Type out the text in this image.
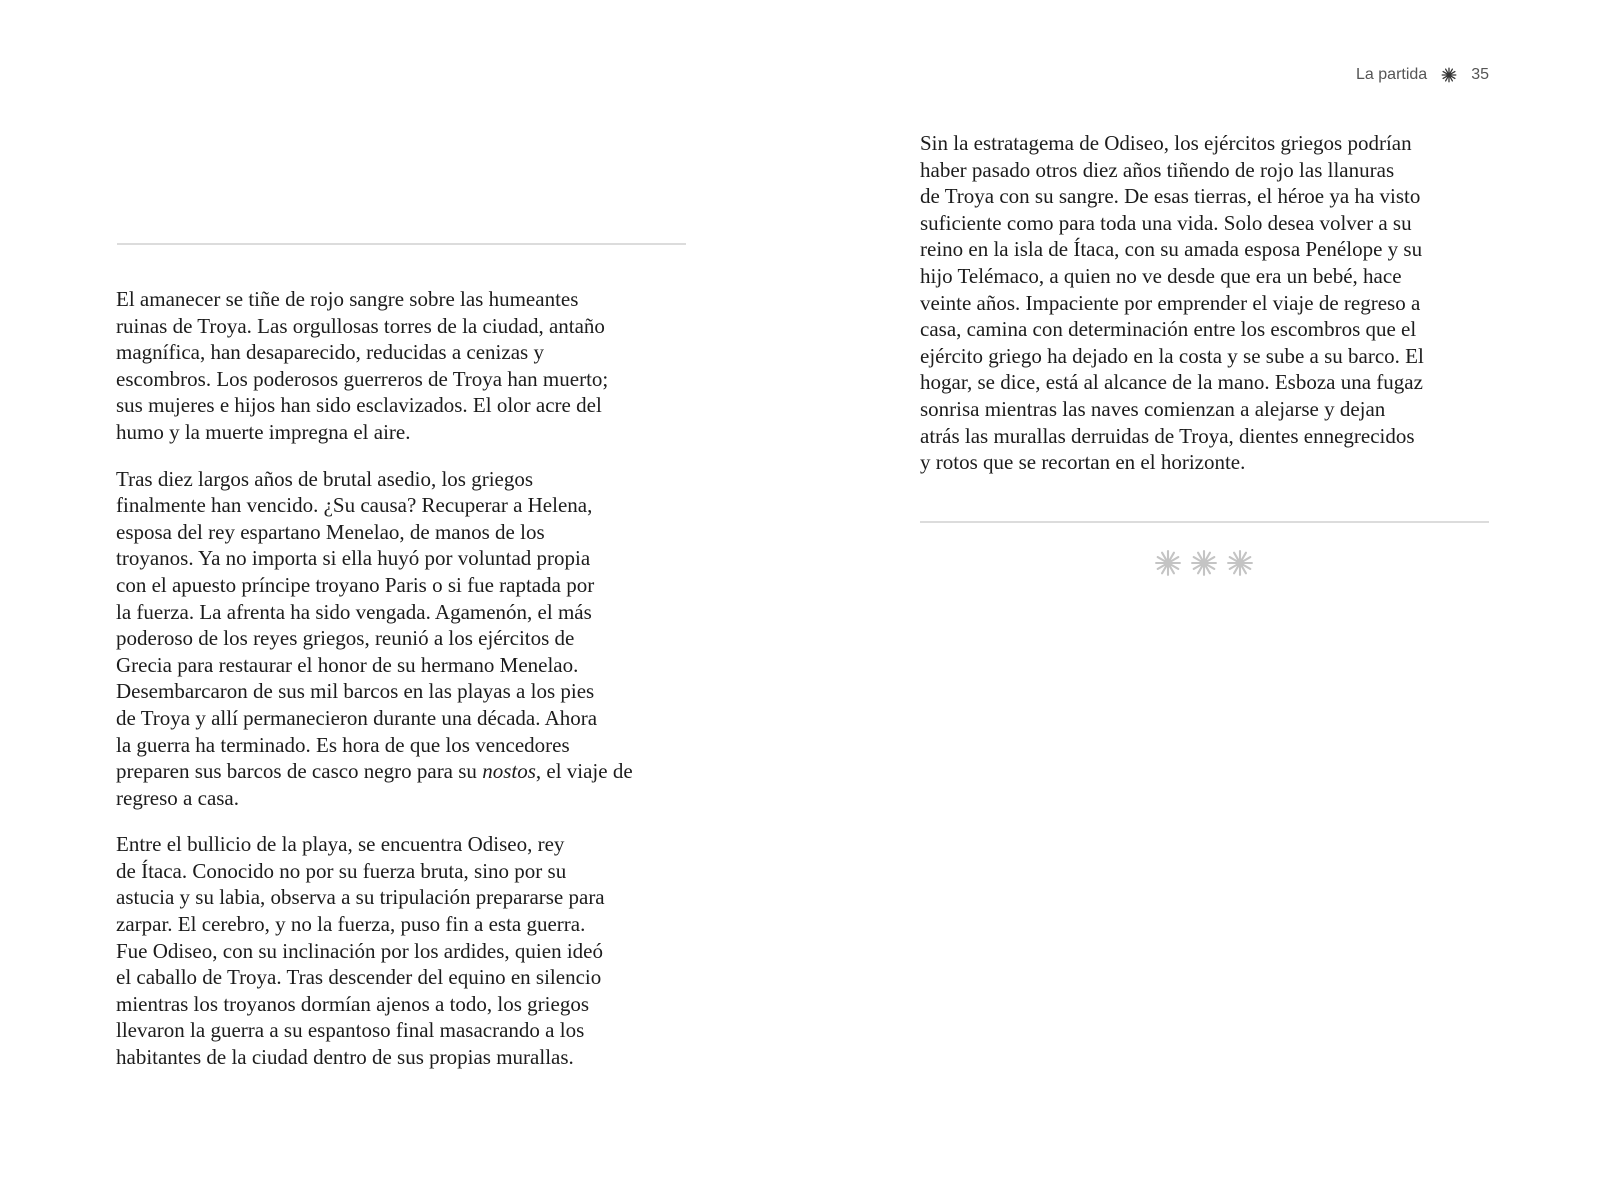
El amanecer se tiñe de rojo sangre sobre las humeantes
ruinas de Troya. Las orgullosas torres de la ciudad, antaño
magnífica, han desaparecido, reducidas a cenizas y
escombros. Los poderosos guerreros de Troya han muerto;
sus mujeres e hijos han sido esclavizados. El olor acre del
humo y la muerte impregna el aire.

Tras diez largos años de brutal asedio, los griegos
finalmente han vencido. ¿Su causa? Recuperar a Helena,
esposa del rey espartano Menelao, de manos de los
troyanos. Ya no importa si ella huyó por voluntad propia
con el apuesto príncipe troyano Paris o si fue raptada por
la fuerza. La afrenta ha sido vengada. Agamenón, el más
poderoso de los reyes griegos, reunió a los ejércitos de
Grecia para restaurar el honor de su hermano Menelao.
Desembarcaron de sus mil barcos en las playas a los pies
de Troya y allí permanecieron durante una década. Ahora
la guerra ha terminado. Es hora de que los vencedores
preparen sus barcos de casco negro para su nostos, el viaje de
regreso a casa.

Entre el bullicio de la playa, se encuentra Odiseo, rey
de Ítaca. Conocido no por su fuerza bruta, sino por su
astucia y su labia, observa a su tripulación prepararse para
zarpar. El cerebro, y no la fuerza, puso fin a esta guerra.
Fue Odiseo, con su inclinación por los ardides, quien ideó
el caballo de Troya. Tras descender del equino en silencio
mientras los troyanos dormían ajenos a todo, los griegos
llevaron la guerra a su espantoso final masacrando a los
habitantes de la ciudad dentro de sus propias murallas.

La partida	35

Sin la estratagema de Odiseo, los ejércitos griegos podrían
haber pasado otros diez años tiñendo de rojo las llanuras
de Troya con su sangre. De esas tierras, el héroe ya ha visto
suficiente como para toda una vida. Solo desea volver a su
reino en la isla de Ítaca, con su amada esposa Penélope y su
hijo Telémaco, a quien no ve desde que era un bebé, hace
veinte años. Impaciente por emprender el viaje de regreso a
casa, camina con determinación entre los escombros que el
ejército griego ha dejado en la costa y se sube a su barco. El
hogar, se dice, está al alcance de la mano. Esboza una fugaz
sonrisa mientras las naves comienzan a alejarse y dejan
atrás las murallas derruidas de Troya, dientes ennegrecidos
y rotos que se recortan en el horizonte.
